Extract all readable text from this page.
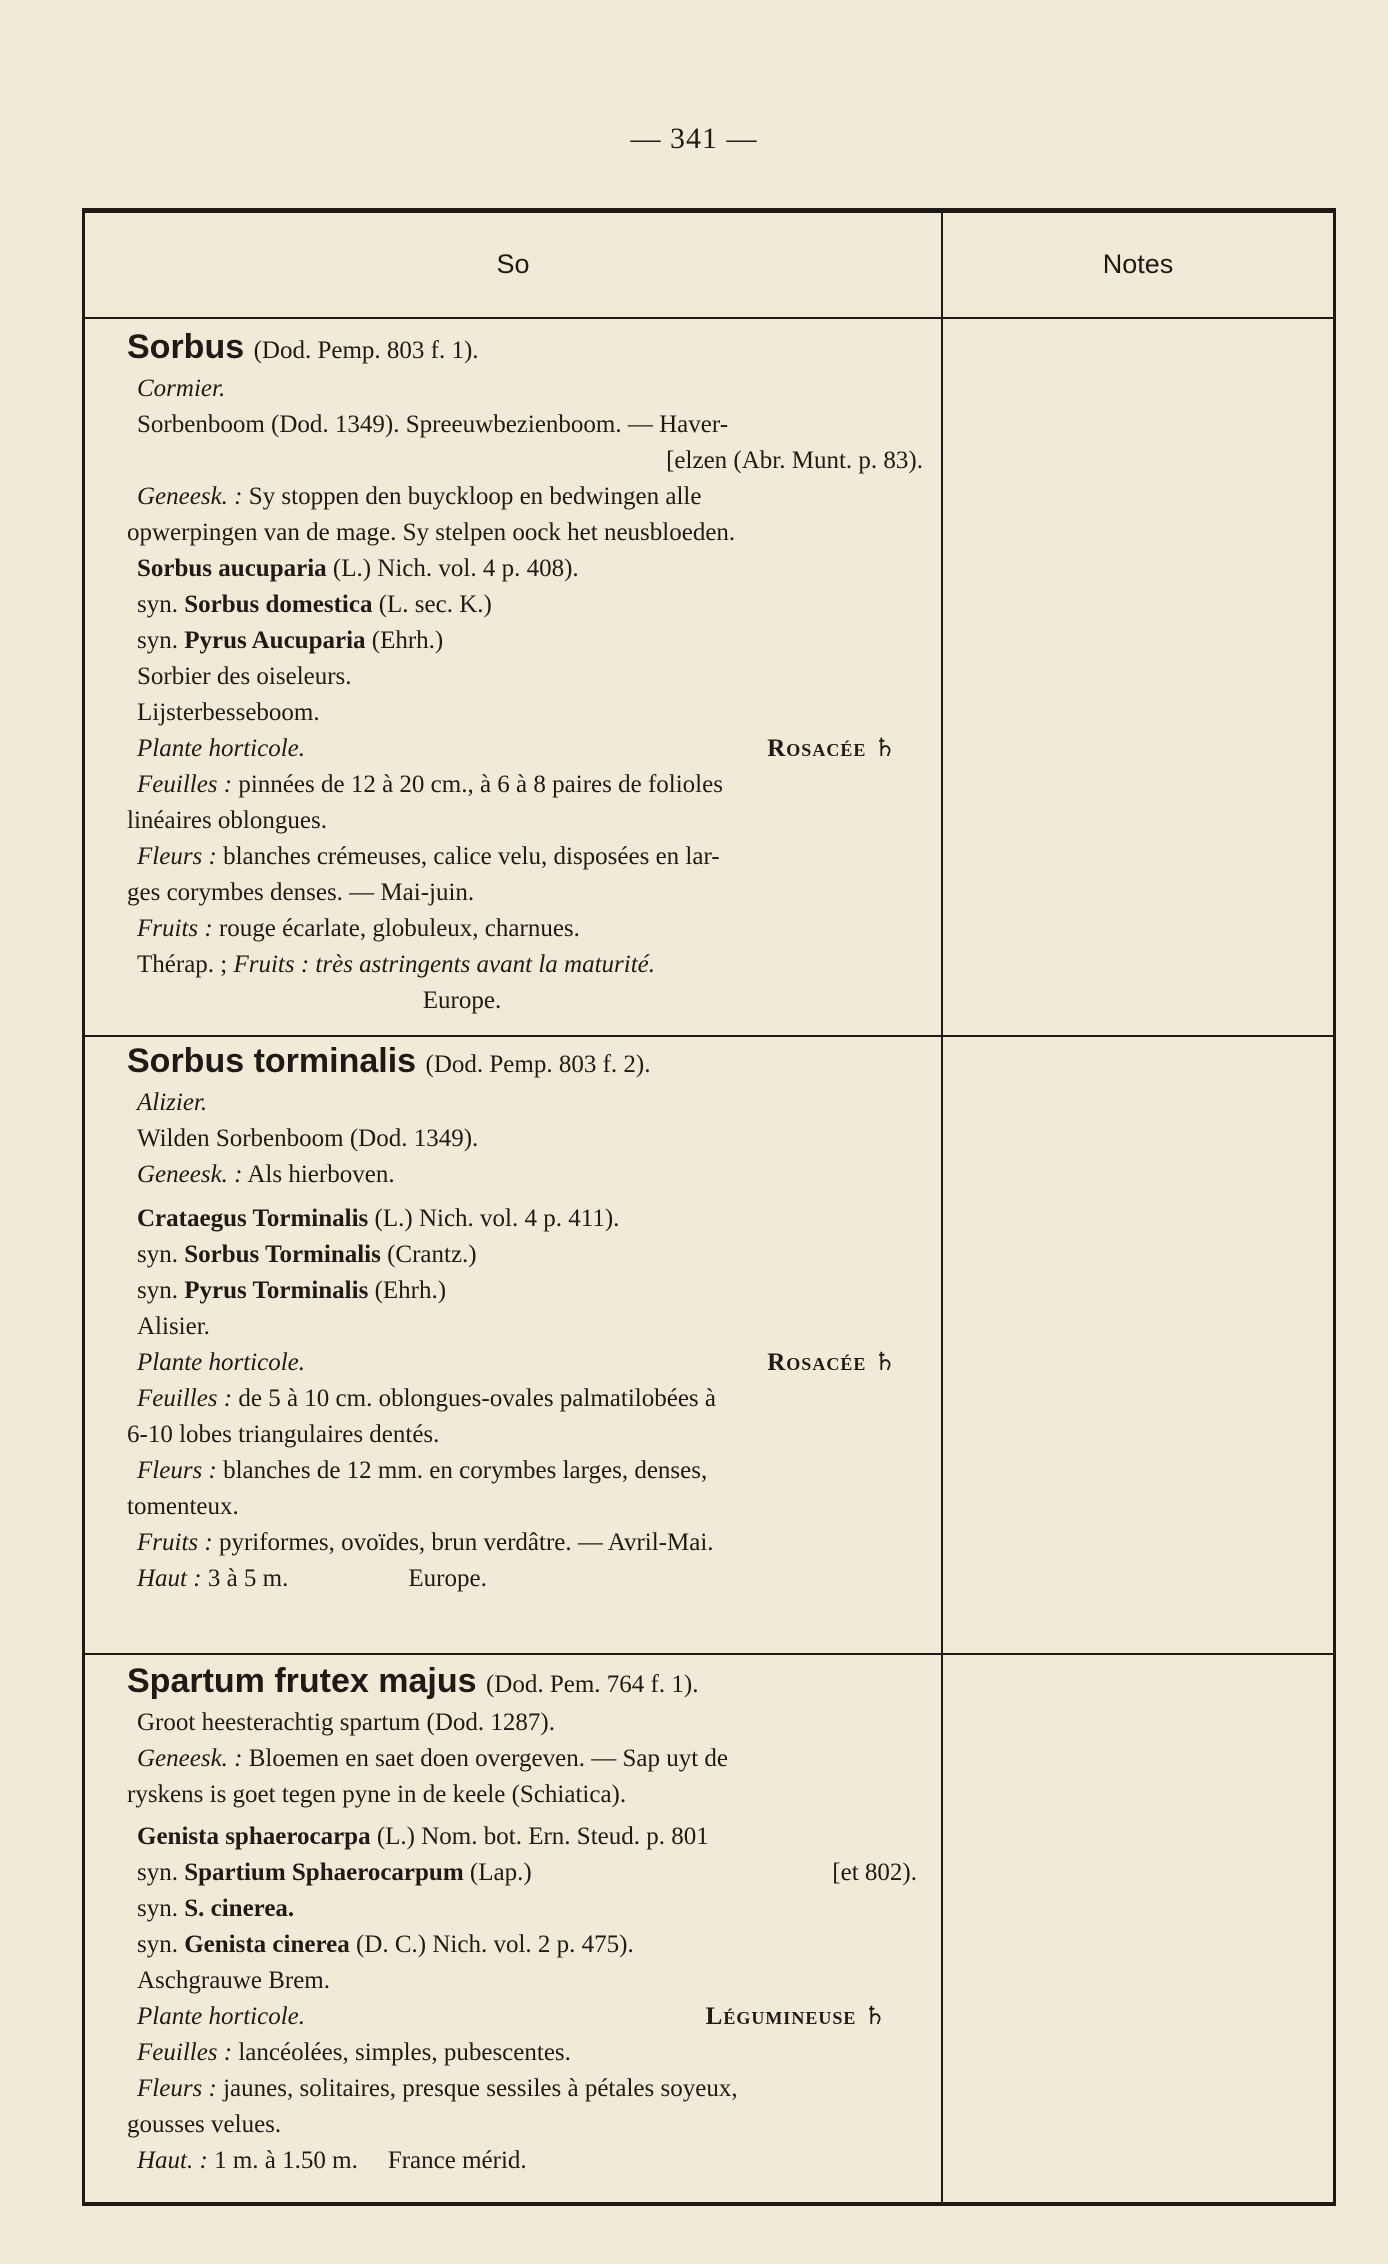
— 341 —
So	Notes
Sorbus (Dod. Pemp. 803 f. 1).
Cormier.
Sorbenboom (Dod. 1349). Spreeuwbezienboom. — Haver-
[elzen (Abr. Munt. p. 83).
Geneesk. : Sy stoppen den buyckloop en bedwingen alle
opwerpingen van de mage. Sy stelpen oock het neusbloeden.
Sorbus aucuparia (L.) Nich. vol. 4 p. 408).
syn. Sorbus domestica (L. sec. K.)
syn. Pyrus Aucuparia (Ehrh.)
Sorbier des oiseleurs.
Lijsterbesseboom.
Plante horticole.	Rosacée ♄
Feuilles : pinnées de 12 à 20 cm., à 6 à 8 paires de folioles
linéaires oblongues.
Fleurs : blanches crémeuses, calice velu, disposées en lar-
ges corymbes denses. — Mai-juin.
Fruits : rouge écarlate, globuleux, charnues.
Thérap. ; Fruits : très astringents avant la maturité.
Europe.
Sorbus torminalis (Dod. Pemp. 803 f. 2).
Alizier.
Wilden Sorbenboom (Dod. 1349).
Geneesk. : Als hierboven.
Crataegus Torminalis (L.) Nich. vol. 4 p. 411).
syn. Sorbus Torminalis (Crantz.)
syn. Pyrus Torminalis (Ehrh.)
Alisier.
Plante horticole.	Rosacée ♄
Feuilles : de 5 à 10 cm. oblongues-ovales palmatilobées à
6-10 lobes triangulaires dentés.
Fleurs : blanches de 12 mm. en corymbes larges, denses,
tomenteux.
Fruits : pyriformes, ovoïdes, brun verdâtre. — Avril-Mai.
Haut : 3 à 5 m.	Europe.
Spartum frutex majus (Dod. Pem. 764 f. 1).
Groot heesterachtig spartum (Dod. 1287).
Geneesk. : Bloemen en saet doen overgeven. — Sap uyt de
ryskens is goet tegen pyne in de keele (Schiatica).
Genista sphaerocarpa (L.) Nom. bot. Ern. Steud. p. 801
syn. Spartium Sphaerocarpum (Lap.)	[et 802).
syn. S. cinerea.
syn. Genista cinerea (D. C.) Nich. vol. 2 p. 475).
Aschgrauwe Brem.
Plante horticole.	Légumineuse ♄
Feuilles : lancéolées, simples, pubescentes.
Fleurs : jaunes, solitaires, presque sessiles à pétales soyeux,
gousses velues.
Haut. : 1 m. à 1.50 m. France mérid.
